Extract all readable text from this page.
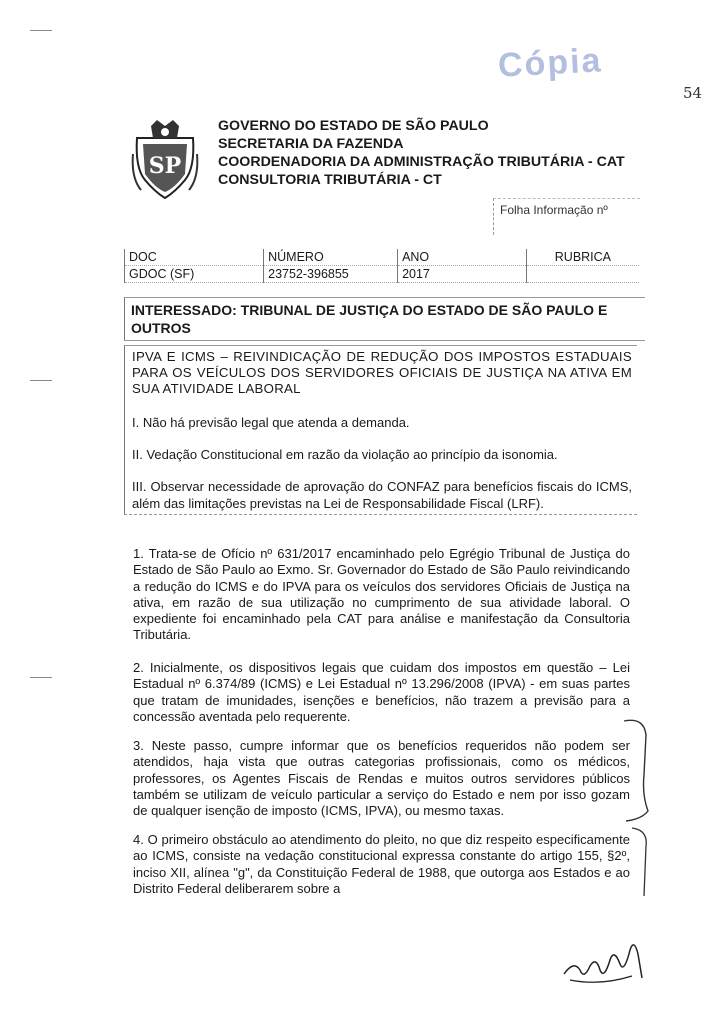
Cópia
54
SP
GOVERNO DO ESTADO DE SÃO PAULO
SECRETARIA DA FAZENDA
COORDENADORIA DA ADMINISTRAÇÃO TRIBUTÁRIA - CAT
CONSULTORIA TRIBUTÁRIA - CT
Folha Informação nº
DOC	NÚMERO	ANO	RUBRICA
GDOC (SF)	23752-396855	2017	
INTERESSADO: TRIBUNAL DE JUSTIÇA DO ESTADO DE SÃO PAULO E OUTROS
IPVA E ICMS – REIVINDICAÇÃO DE REDUÇÃO DOS IMPOSTOS ESTADUAIS PARA OS VEÍCULOS DOS SERVIDORES OFICIAIS DE JUSTIÇA NA ATIVA EM SUA ATIVIDADE LABORAL
I. Não há previsão legal que atenda a demanda.
II. Vedação Constitucional em razão da violação ao princípio da isonomia.
III. Observar necessidade de aprovação do CONFAZ para benefícios fiscais do ICMS, além das limitações previstas na Lei de Responsabilidade Fiscal (LRF).
1. Trata-se de Ofício nº 631/2017 encaminhado pelo Egrégio Tribunal de Justiça do Estado de São Paulo ao Exmo. Sr. Governador do Estado de São Paulo reivindicando a redução do ICMS e do IPVA para os veículos dos servidores Oficiais de Justiça na ativa, em razão de sua utilização no cumprimento de sua atividade laboral. O expediente foi encaminhado pela CAT para análise e manifestação da Consultoria Tributária.
2. Inicialmente, os dispositivos legais que cuidam dos impostos em questão – Lei Estadual nº 6.374/89 (ICMS) e Lei Estadual nº 13.296/2008 (IPVA) - em suas partes que tratam de imunidades, isenções e benefícios, não trazem a previsão para a concessão aventada pelo requerente.
3. Neste passo, cumpre informar que os benefícios requeridos não podem ser atendidos, haja vista que outras categorias profissionais, como os médicos, professores, os Agentes Fiscais de Rendas e muitos outros servidores públicos também se utilizam de veículo particular a serviço do Estado e nem por isso gozam de qualquer isenção de imposto (ICMS, IPVA), ou mesmo taxas.
4. O primeiro obstáculo ao atendimento do pleito, no que diz respeito especificamente ao ICMS, consiste na vedação constitucional expressa constante do artigo 155, §2º, inciso XII, alínea "g", da Constituição Federal de 1988, que outorga aos Estados e ao Distrito Federal deliberarem sobre a
